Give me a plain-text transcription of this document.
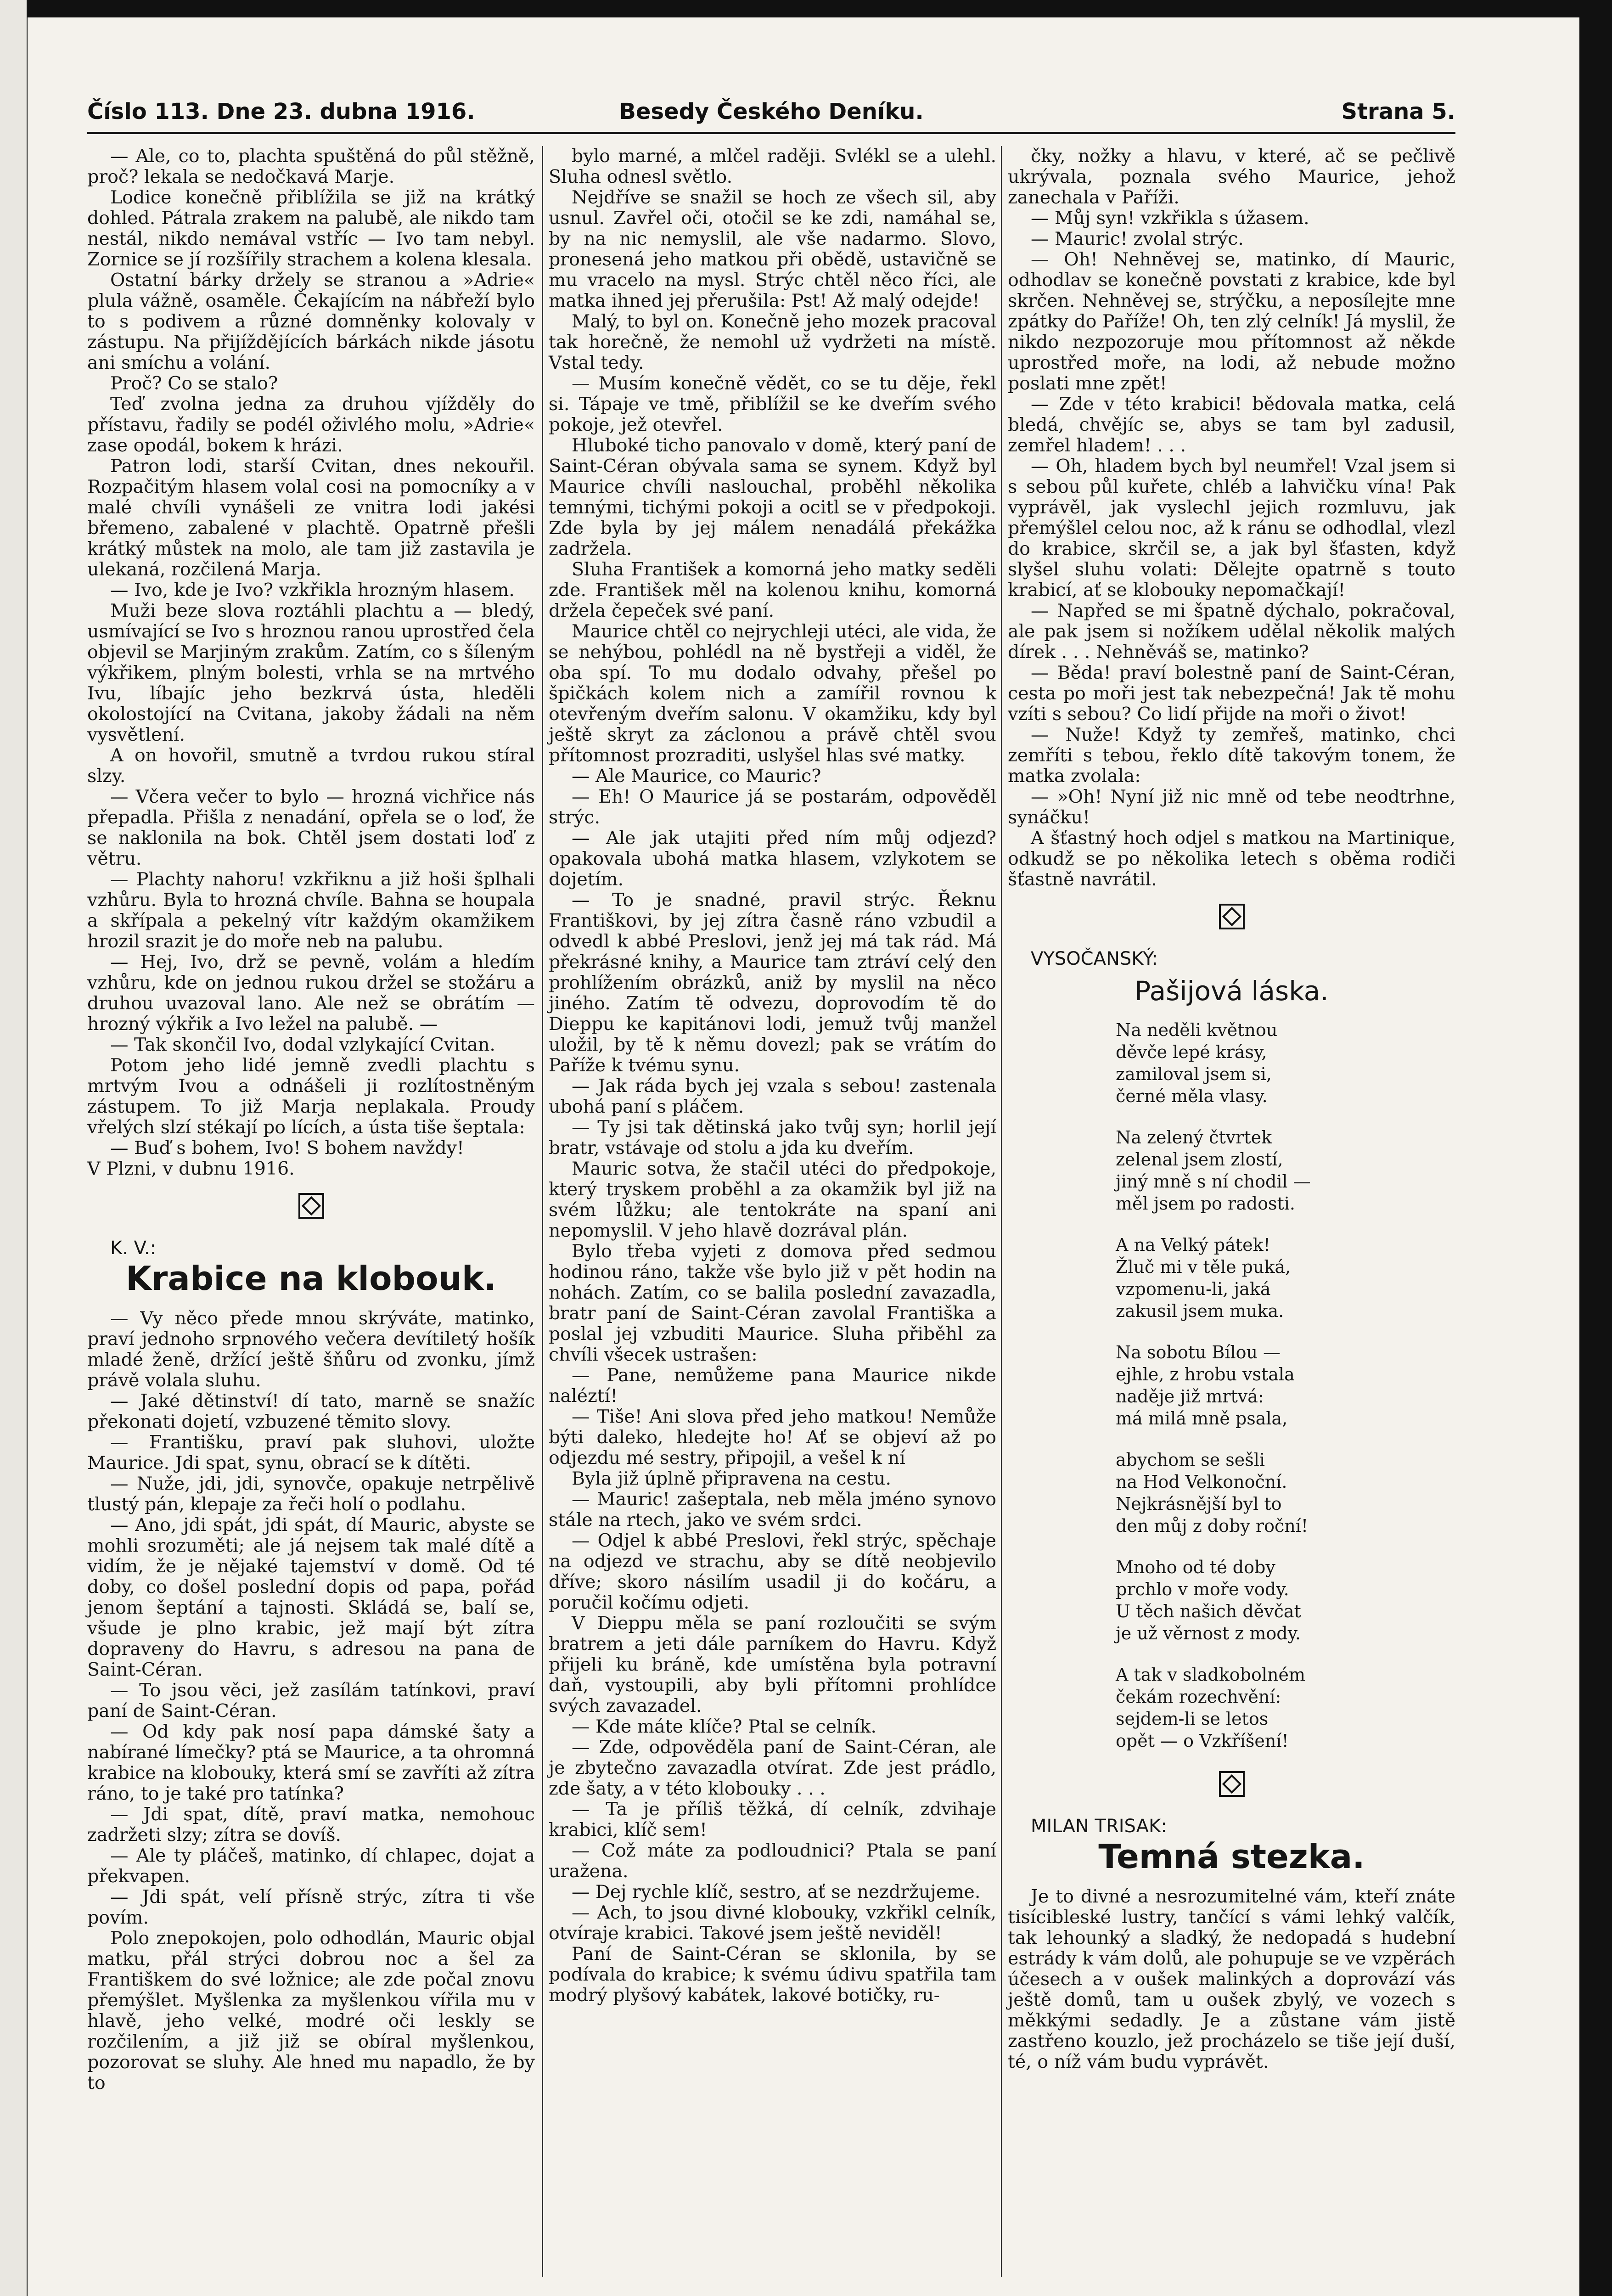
Číslo 113. Dne 23. dubna 1916.	Besedy Českého Deníku.	Strana 5.

— Ale, co to, plachta spuštěná do půl stěžně, proč? lekala se nedočkavá Marje.

Lodice konečně přiblížila se již na krátký dohled. Pátrala zrakem na palubě, ale nikdo tam nestál, nikdo nemával vstříc — Ivo tam nebyl. Zornice se jí rozšířily strachem a kolena klesala.

Ostatní bárky držely se stranou a »Adrie« plula vážně, osaměle. Čekajícím na nábřeží bylo to s podivem a různé domněnky kolovaly v zástupu. Na přijíždějících bárkách nikde jásotu ani smíchu a volání.

Proč? Co se stalo?

Teď zvolna jedna za druhou vjížděly do přístavu, řadily se podél oživlého molu, »Adrie« zase opodál, bokem k hrázi.

Patron lodi, starší Cvitan, dnes nekouřil. Rozpačitým hlasem volal cosi na pomocníky a v malé chvíli vynášeli ze vnitra lodi jakési břemeno, zabalené v plachtě. Opatrně přešli krátký můstek na molo, ale tam již zastavila je ulekaná, rozčilená Marja.

— Ivo, kde je Ivo? vzkřikla hrozným hlasem.

Muži beze slova roztáhli plachtu a — bledý, usmívající se Ivo s hroznou ranou uprostřed čela objevil se Marjiným zrakům. Zatím, co s šíleným výkřikem, plným bolesti, vrhla se na mrtvého Ivu, líbajíc jeho bezkrvá ústa, hleděli okolostojící na Cvitana, jakoby žádali na něm vysvětlení.

A on hovořil, smutně a tvrdou rukou stíral slzy.

— Včera večer to bylo — hrozná vichřice nás přepadla. Přišla z nenadání, opřela se o loď, že se naklonila na bok. Chtěl jsem dostati loď z větru.

— Plachty nahoru! vzkřiknu a již hoši šplhali vzhůru. Byla to hrozná chvíle. Bahna se houpala a skřípala a pekelný vítr každým okamžikem hrozil srazit je do moře neb na palubu.

— Hej, Ivo, drž se pevně, volám a hledím vzhůru, kde on jednou rukou držel se stožáru a druhou uvazoval lano. Ale než se obrátím — hrozný výkřik a Ivo ležel na palubě. —

— Tak skončil Ivo, dodal vzlykající Cvitan.

Potom jeho lidé jemně zvedli plachtu s mrtvým Ivou a odnášeli ji rozlítostněným zástupem. To již Marja neplakala. Proudy vřelých slzí stékají po lících, a ústa tiše šeptala:

— Buď s bohem, Ivo! S bohem navždy!

V Plzni, v dubnu 1916.

K. V.:

Krabice na klobouk.

— Vy něco přede mnou skrýváte, matinko, praví jednoho srpnového večera devítiletý hošík mladé ženě, držící ještě šňůru od zvonku, jímž právě volala sluhu.

— Jaké dětinství! dí tato, marně se snažíc překonati dojetí, vzbuzené těmito slovy.

— Františku, praví pak sluhovi, uložte Maurice. Jdi spat, synu, obrací se k dítěti.

— Nuže, jdi, jdi, synovče, opakuje netrpělivě tlustý pán, klepaje za řeči holí o podlahu.

— Ano, jdi spát, jdi spát, dí Mauric, abyste se mohli srozuměti; ale já nejsem tak malé dítě a vidím, že je nějaké tajemství v domě. Od té doby, co došel poslední dopis od papa, pořád jenom šeptání a tajnosti. Skládá se, balí se, všude je plno krabic, jež mají být zítra dopraveny do Havru, s adresou na pana de Saint-Céran.

— To jsou věci, jež zasílám tatínkovi, praví paní de Saint-Céran.

— Od kdy pak nosí papa dámské šaty a nabírané límečky? ptá se Maurice, a ta ohromná krabice na klobouky, která smí se zavříti až zítra ráno, to je také pro tatínka?

— Jdi spat, dítě, praví matka, nemohouc zadržeti slzy; zítra se dovíš.

— Ale ty pláčeš, matinko, dí chlapec, dojat a překvapen.

— Jdi spát, velí přísně strýc, zítra ti vše povím.

Polo znepokojen, polo odhodlán, Mauric objal matku, přál strýci dobrou noc a šel za Františkem do své ložnice; ale zde počal znovu přemýšlet. Myšlenka za myšlenkou vířila mu v hlavě, jeho velké, modré oči leskly se rozčilením, a již již se obíral myšlenkou, pozorovat se sluhy. Ale hned mu napadlo, že by to

bylo marné, a mlčel raději. Svlékl se a ulehl. Sluha odnesl světlo.

Nejdříve se snažil se hoch ze všech sil, aby usnul. Zavřel oči, otočil se ke zdi, namáhal se, by na nic nemyslil, ale vše nadarmo. Slovo, pronesená jeho matkou při obědě, ustavičně se mu vracelo na mysl. Strýc chtěl něco říci, ale matka ihned jej přerušila: Pst! Až malý odejde!

Malý, to byl on. Konečně jeho mozek pracoval tak horečně, že nemohl už vydržeti na místě. Vstal tedy.

— Musím konečně vědět, co se tu děje, řekl si. Tápaje ve tmě, přiblížil se ke dveřím svého pokoje, jež otevřel.

Hluboké ticho panovalo v domě, který paní de Saint-Céran obývala sama se synem. Když byl Maurice chvíli naslouchal, proběhl několika temnými, tichými pokoji a ocitl se v předpokoji. Zde byla by jej málem nenadálá překážka zadržela.

Sluha František a komorná jeho matky seděli zde. František měl na kolenou knihu, komorná držela čepeček své paní.

Maurice chtěl co nejrychleji utéci, ale vida, že se nehýbou, pohlédl na ně bystřeji a viděl, že oba spí. To mu dodalo odvahy, přešel po špičkách kolem nich a zamířil rovnou k otevřeným dveřím salonu. V okamžiku, kdy byl ještě skryt za záclonou a právě chtěl svou přítomnost prozraditi, uslyšel hlas své matky.

— Ale Maurice, co Mauric?

— Eh! O Maurice já se postarám, odpověděl strýc.

— Ale jak utajiti před ním můj odjezd? opakovala ubohá matka hlasem, vzlykotem se dojetím.

— To je snadné, pravil strýc. Řeknu Františkovi, by jej zítra časně ráno vzbudil a odvedl k abbé Preslovi, jenž jej má tak rád. Má překrásné knihy, a Maurice tam ztráví celý den prohlížením obrázků, aniž by myslil na něco jiného. Zatím tě odvezu, doprovodím tě do Dieppu ke kapitánovi lodi, jemuž tvůj manžel uložil, by tě k němu dovezl; pak se vrátím do Paříže k tvému synu.

— Jak ráda bych jej vzala s sebou! zastenala ubohá paní s pláčem.

— Ty jsi tak dětinská jako tvůj syn; horlil její bratr, vstávaje od stolu a jda ku dveřím.

Mauric sotva, že stačil utéci do předpokoje, který tryskem proběhl a za okamžik byl již na svém lůžku; ale tentokráte na spaní ani nepomyslil. V jeho hlavě dozrával plán.

Bylo třeba vyjeti z domova před sedmou hodinou ráno, takže vše bylo již v pět hodin na nohách. Zatím, co se balila poslední zavazadla, bratr paní de Saint-Céran zavolal Františka a poslal jej vzbuditi Maurice. Sluha přiběhl za chvíli všecek ustrašen:

— Pane, nemůžeme pana Maurice nikde naléztí!

— Tiše! Ani slova před jeho matkou! Nemůže býti daleko, hledejte ho! Ať se objeví až po odjezdu mé sestry, připojil, a vešel k ní

Byla již úplně připravena na cestu.

— Mauric! zašeptala, neb měla jméno synovo stále na rtech, jako ve svém srdci.

— Odjel k abbé Preslovi, řekl strýc, spěchaje na odjezd ve strachu, aby se dítě neobjevilo dříve; skoro násilím usadil ji do kočáru, a poručil kočímu odjeti.

V Dieppu měla se paní rozloučiti se svým bratrem a jeti dále parníkem do Havru. Když přijeli ku bráně, kde umístěna byla potravní daň, vystoupili, aby byli přítomni prohlídce svých zavazadel.

— Kde máte klíče? Ptal se celník.

— Zde, odpověděla paní de Saint-Céran, ale je zbytečno zavazadla otvírat. Zde jest prádlo, zde šaty, a v této klobouky . . .

— Ta je příliš těžká, dí celník, zdvihaje krabici, klíč sem!

— Což máte za podloudnici? Ptala se paní uražena.

— Dej rychle klíč, sestro, ať se nezdržujeme.

— Ach, to jsou divné klobouky, vzkřikl celník, otvíraje krabici. Takové jsem ještě neviděl!

Paní de Saint-Céran se sklonila, by se podívala do krabice; k svému údivu spatřila tam modrý plyšový kabátek, lakové botičky, ru-

čky, nožky a hlavu, v které, ač se pečlivě ukrývala, poznala svého Maurice, jehož zanechala v Paříži.

— Můj syn! vzkřikla s úžasem.

— Mauric! zvolal strýc.

— Oh! Nehněvej se, matinko, dí Mauric, odhodlav se konečně povstati z krabice, kde byl skrčen. Nehněvej se, strýčku, a neposílejte mne zpátky do Paříže! Oh, ten zlý celník! Já myslil, že nikdo nezpozoruje mou přítomnost až někde uprostřed moře, na lodi, až nebude možno poslati mne zpět!

— Zde v této krabici! bědovala matka, celá bledá, chvějíc se, abys se tam byl zadusil, zemřel hladem! . . .

— Oh, hladem bych byl neumřel! Vzal jsem si s sebou půl kuřete, chléb a lahvičku vína! Pak vyprávěl, jak vyslechl jejich rozmluvu, jak přemýšlel celou noc, až k ránu se odhodlal, vlezl do krabice, skrčil se, a jak byl šťasten, když slyšel sluhu volati: Dělejte opatrně s touto krabicí, ať se klobouky nepomačkají!

— Napřed se mi špatně dýchalo, pokračoval, ale pak jsem si nožíkem udělal několik malých dírek . . . Nehněváš se, matinko?

— Běda! praví bolestně paní de Saint-Céran, cesta po moři jest tak nebezpečná! Jak tě mohu vzíti s sebou? Co lidí přijde na moři o život!

— Nuže! Když ty zemřeš, matinko, chci zemříti s tebou, řeklo dítě takovým tonem, že matka zvolala:

— »Oh! Nyní již nic mně od tebe neodtrhne, synáčku!

A šťastný hoch odjel s matkou na Martinique, odkudž se po několika letech s oběma rodiči šťastně navrátil.

VYSOČANSKÝ:

Pašijová láska.
Na neděli květnou
děvče lepé krásy,
zamiloval jsem si,
černé měla vlasy.
Na zelený čtvrtek
zelenal jsem zlostí,
jiný mně s ní chodil —
měl jsem po radosti.
A na Velký pátek!
Žluč mi v těle puká,
vzpomenu-li, jaká
zakusil jsem muka.
Na sobotu Bílou —
ejhle, z hrobu vstala
naděje již mrtvá:
má milá mně psala,
abychom se sešli
na Hod Velkonoční.
Nejkrásnější byl to
den můj z doby roční!
Mnoho od té doby
prchlo v moře vody.
U těch našich děvčat
je už věrnost z mody.
A tak v sladkobolném
čekám rozechvění:
sejdem-li se letos
opět — o Vzkříšení!

MILAN TRISAK:

Temná stezka.

Je to divné a nesrozumitelné vám, kteří znáte tisícibleské lustry, tančící s vámi lehký valčík, tak lehounký a sladký, že nedopadá s hudební estrády k vám dolů, ale pohupuje se ve vzpěrách účesech a v oušek malinkých a doprovází vás ještě domů, tam u oušek zbylý, ve vozech s měkkými sedadly. Je a zůstane vám jistě zastřeno kouzlo, jež procházelo se tiše její duší, té, o níž vám budu vyprávět.
